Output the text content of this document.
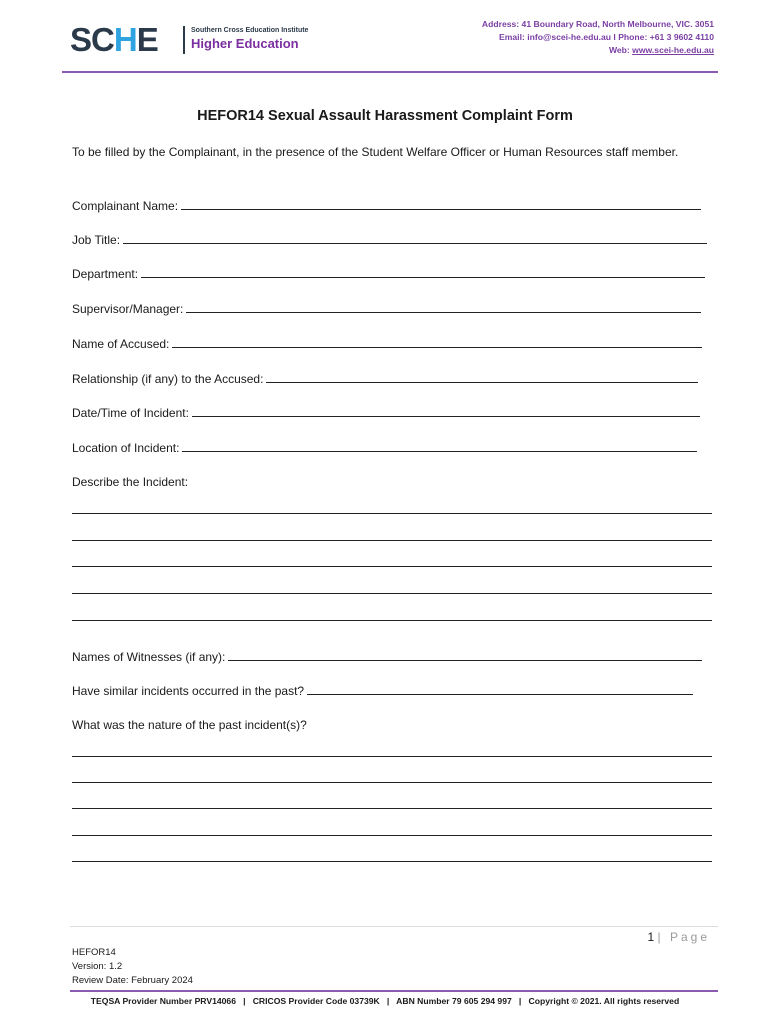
SCHE	Southern Cross Education Institute
Higher Education
Address: 41 Boundary Road, North Melbourne, VIC. 3051
Email: info@scei-he.edu.au I Phone: +61 3 9602 4110
Web: www.scei-he.edu.au
HEFOR14 Sexual Assault Harassment Complaint Form
To be filled by the Complainant, in the presence of the Student Welfare Officer or Human Resources staff member.
Complainant Name:
Job Title:
Department:
Supervisor/Manager:
Name of Accused:
Relationship (if any) to the Accused:
Date/Time of Incident:
Location of Incident:
Describe the Incident:
Names of Witnesses (if any):
Have similar incidents occurred in the past?
What was the nature of the past incident(s)?
1 | Page
HEFOR14
Version: 1.2
Review Date: February 2024
TEQSA Provider Number PRV14066   |   CRICOS Provider Code 03739K   |   ABN Number 79 605 294 997   |   Copyright © 2021. All rights reserved
